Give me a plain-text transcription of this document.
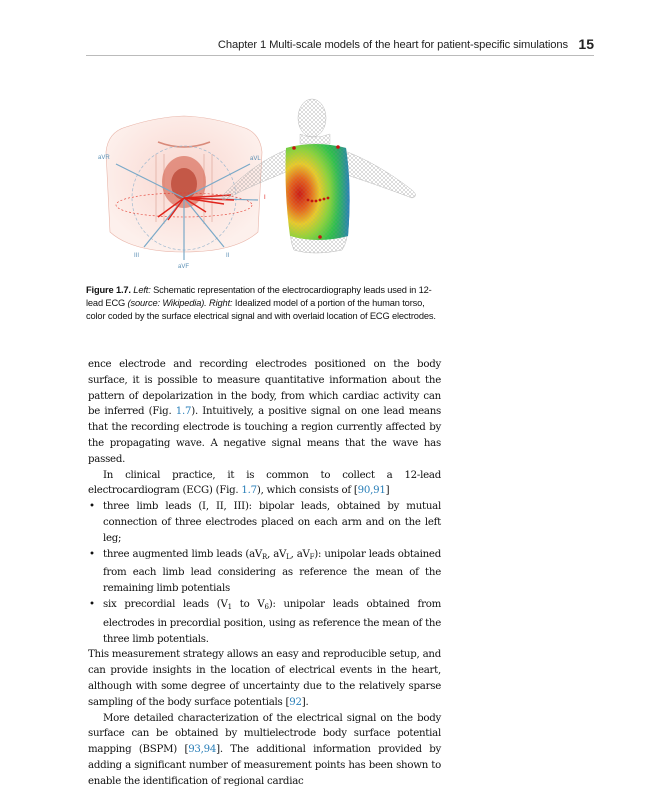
Chapter 1 Multi-scale models of the heart for patient-specific simulations 15
aVR	aVL
I
III	II
aVF
Figure 1.7. Left: Schematic representation of the electrocardiography leads used in 12-lead ECG (source: Wikipedia). Right: Idealized model of a portion of the human torso, color coded by the surface electrical signal and with overlaid location of ECG electrodes.

ence electrode and recording electrodes positioned on the body surface, it is possible to measure quantitative information about the pattern of depolarization in the body, from which cardiac activity can be inferred (Fig. 1.7). Intuitively, a positive signal on one lead means that the recording electrode is touching a region currently affected by the propagating wave. A negative signal means that the wave has passed.

In clinical practice, it is common to collect a 12-lead electrocardiogram (ECG) (Fig. 1.7), which consists of [90,91]

• three limb leads (I, II, III): bipolar leads, obtained by mutual connection of three electrodes placed on each arm and on the left leg;
• three augmented limb leads ($aV_R$, $aV_L$, $aV_F$): unipolar leads obtained from each limb lead considering as reference the mean of the remaining limb potentials
• six precordial leads ($V_1$ to $V_6$): unipolar leads obtained from electrodes in precordial position, using as reference the mean of the three limb potentials.

This measurement strategy allows an easy and reproducible setup, and can provide insights in the location of electrical events in the heart, although with some degree of uncertainty due to the relatively sparse sampling of the body surface potentials [92].

More detailed characterization of the electrical signal on the body surface can be obtained by multielectrode body surface potential mapping (BSPM) [93,94]. The additional information provided by adding a significant number of measurement points has been shown to enable the identification of regional cardiac
